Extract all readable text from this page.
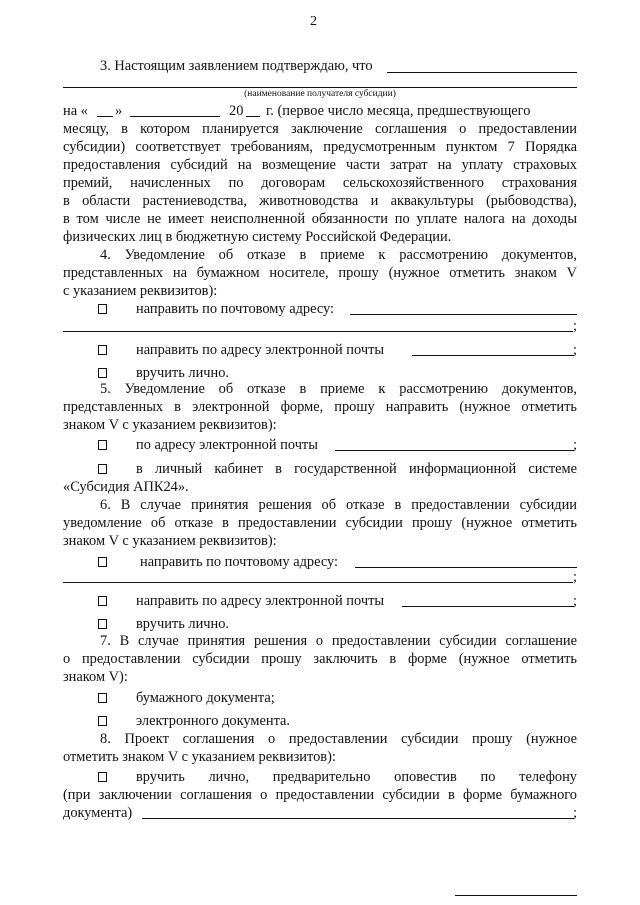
2
3. Настоящим заявлением подтверждаю, что
(наименование получателя субсидии)
на « »	20 г. (первое число месяца, предшествующего
месяцу, в котором планируется заключение соглашения о предоставлении
субсидии) соответствует требованиям, предусмотренным пунктом 7 Порядка
предоставления субсидий на возмещение части затрат на уплату страховых
премий, начисленных по договорам сельскохозяйственного страхования
в области растениеводства, животноводства и аквакультуры (рыбоводства),
в том числе не имеет неисполненной обязанности по уплате налога на доходы
физических лиц в бюджетную систему Российской Федерации.
4. Уведомление об отказе в приеме к рассмотрению документов,
представленных на бумажном носителе, прошу (нужное отметить знаком V
с указанием реквизитов):
направить по почтовому адресу:
;
направить по адресу электронной почты	;
вручить лично.
5. Уведомление об отказе в приеме к рассмотрению документов,
представленных в электронной форме, прошу направить (нужное отметить
знаком V с указанием реквизитов):
по адресу электронной почты	;
в личный кабинет в государственной информационной системе
«Субсидия АПК24».
6. В случае принятия решения об отказе в предоставлении субсидии
уведомление об отказе в предоставлении субсидии прошу (нужное отметить
знаком V с указанием реквизитов):
направить по почтовому адресу:
;
направить по адресу электронной почты	;
вручить лично.
7. В случае принятия решения о предоставлении субсидии соглашение
о предоставлении субсидии прошу заключить в форме (нужное отметить
знаком V):
бумажного документа;
электронного документа.
8. Проект соглашения о предоставлении субсидии прошу (нужное
отметить знаком V с указанием реквизитов):
вручить лично, предварительно оповестив по телефону
(при заключении соглашения о предоставлении субсидии в форме бумажного
документа)	;
